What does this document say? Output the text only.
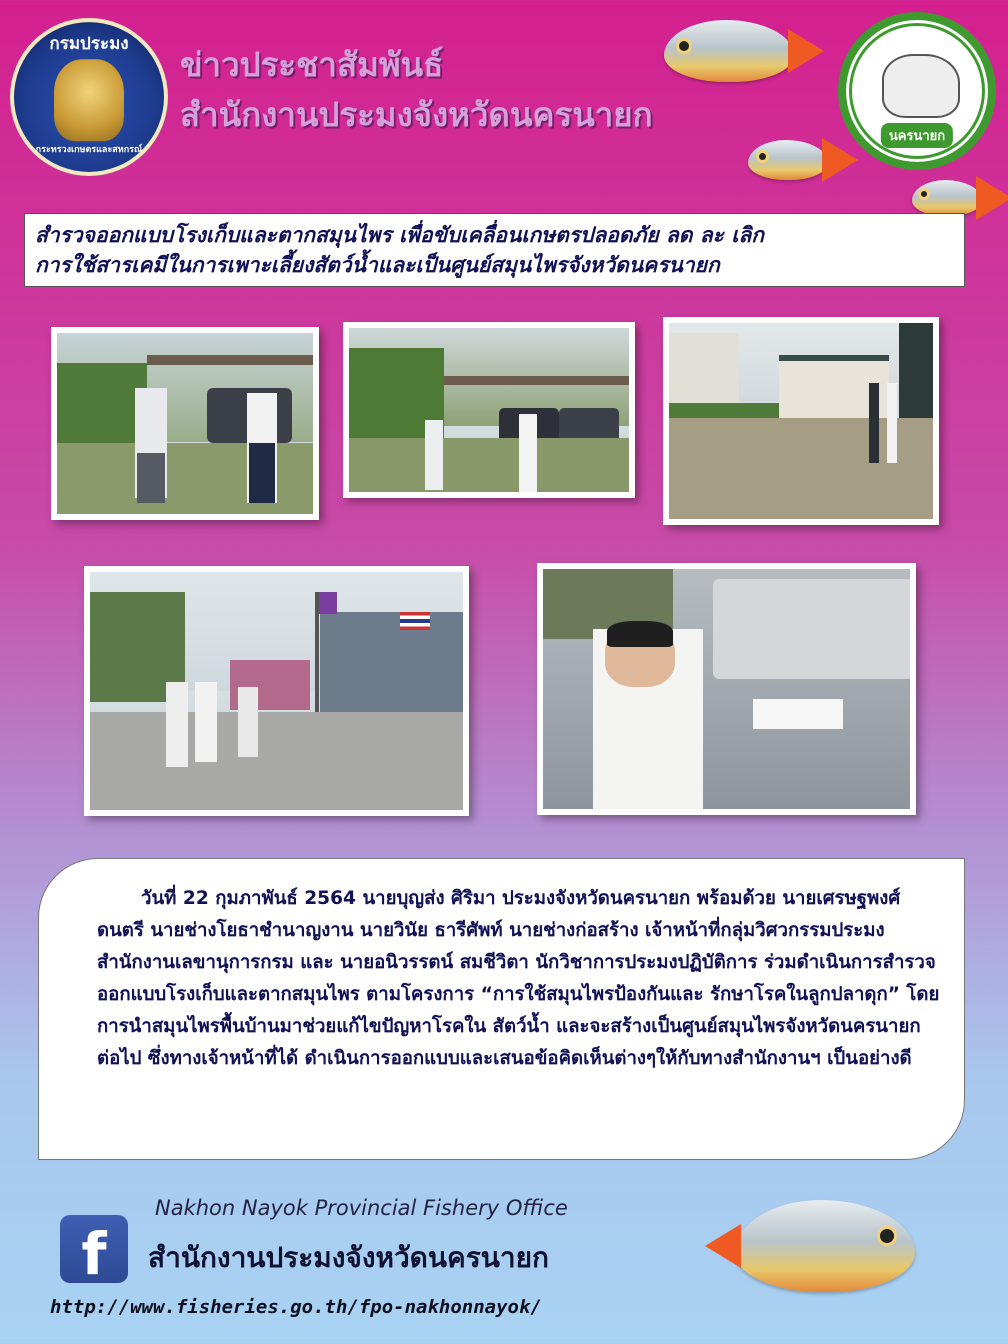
กรมประมง
กระทรวงเกษตรและสหกรณ์
ข่าวประชาสัมพันธ์
สำนักงานประมงจังหวัดนครนายก
นครนายก
สำรวจออกแบบโรงเก็บและตากสมุนไพร เพื่อขับเคลื่อนเกษตรปลอดภัย ลด ละ เลิก
การใช้สารเคมีในการเพาะเลี้ยงสัตว์น้ำและเป็นศูนย์สมุนไพรจังหวัดนครนายก

วันที่ 22 กุมภาพันธ์ 2564 นายบุญส่ง ศิริมา ประมงจังหวัดนครนายก พร้อมด้วย นายเศรษฐพงศ์ ดนตรี นายช่างโยธาชำนาญงาน นายวินัย ธารีศัพท์ นายช่างก่อสร้าง เจ้าหน้าที่กลุ่มวิศวกรรมประมง สำนักงานเลขานุการกรม และ นายอนิวรรตน์ สมชีวิตา นักวิชาการประมงปฏิบัติการ ร่วมดำเนินการสำรวจ ออกแบบโรงเก็บและตากสมุนไพร ตามโครงการ “การใช้สมุนไพรป้องกันและ รักษาโรคในลูกปลาดุก” โดยการนำสมุนไพรพื้นบ้านมาช่วยแก้ไขปัญหาโรคใน สัตว์น้ำ และจะสร้างเป็นศูนย์สมุนไพรจังหวัดนครนายก ต่อไป ซึ่งทางเจ้าหน้าที่ได้ ดำเนินการออกแบบและเสนอข้อคิดเห็นต่างๆให้กับทางสำนักงานฯ เป็นอย่างดี

Nakhon Nayok Provincial Fishery Office
f	สำนักงานประมงจังหวัดนครนายก
http://www.fisheries.go.th/fpo-nakhonnayok/
